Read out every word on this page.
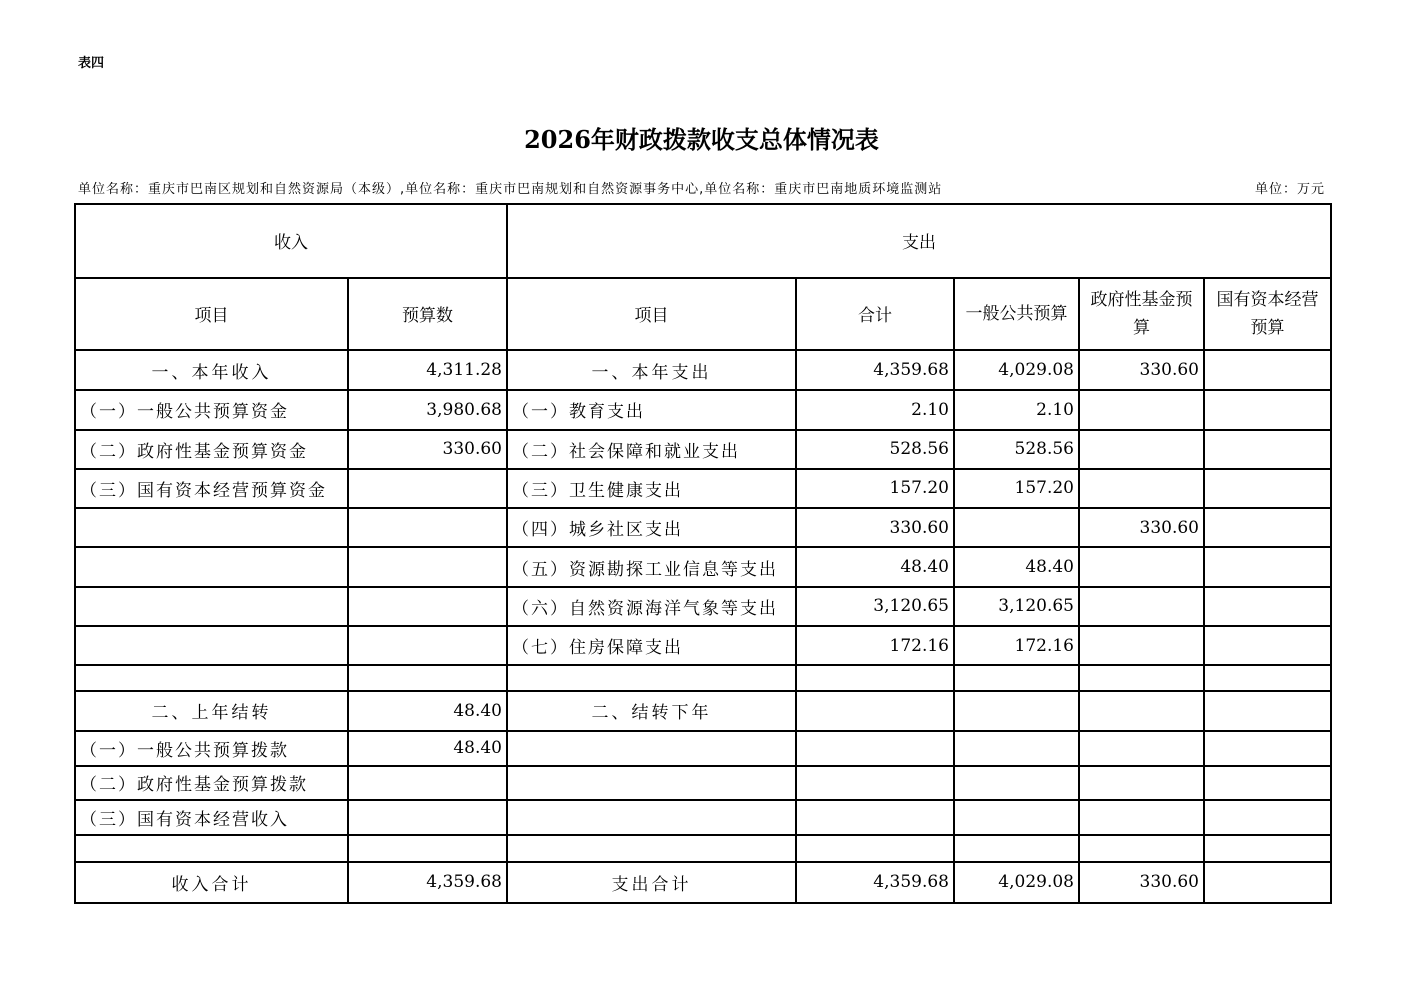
表四
2026年财政拨款收支总体情况表
单位名称：重庆市巴南区规划和自然资源局（本级）,单位名称：重庆市巴南规划和自然资源事务中心,单位名称：重庆市巴南地质环境监测站	单位：万元
收入		支出				
项目	预算数	项目	合计	一般公共预算	政府性基金预算	国有资本经营预算
一、本年收入	4,311.28	一、本年支出	4,359.68	4,029.08	330.60	
（一）一般公共预算资金	3,980.68	（一）教育支出	2.10	2.10		
（二）政府性基金预算资金	330.60	（二）社会保障和就业支出	528.56	528.56		
（三）国有资本经营预算资金		（三）卫生健康支出	157.20	157.20		
		（四）城乡社区支出	330.60		330.60	
		（五）资源勘探工业信息等支出	48.40	48.40		
		（六）自然资源海洋气象等支出	3,120.65	3,120.65		
		（七）住房保障支出	172.16	172.16		

二、上年结转	48.40	二、结转下年				
（一）一般公共预算拨款	48.40					
（二）政府性基金预算拨款						
（三）国有资本经营收入						

收入合计	4,359.68	支出合计	4,359.68	4,029.08	330.60	
